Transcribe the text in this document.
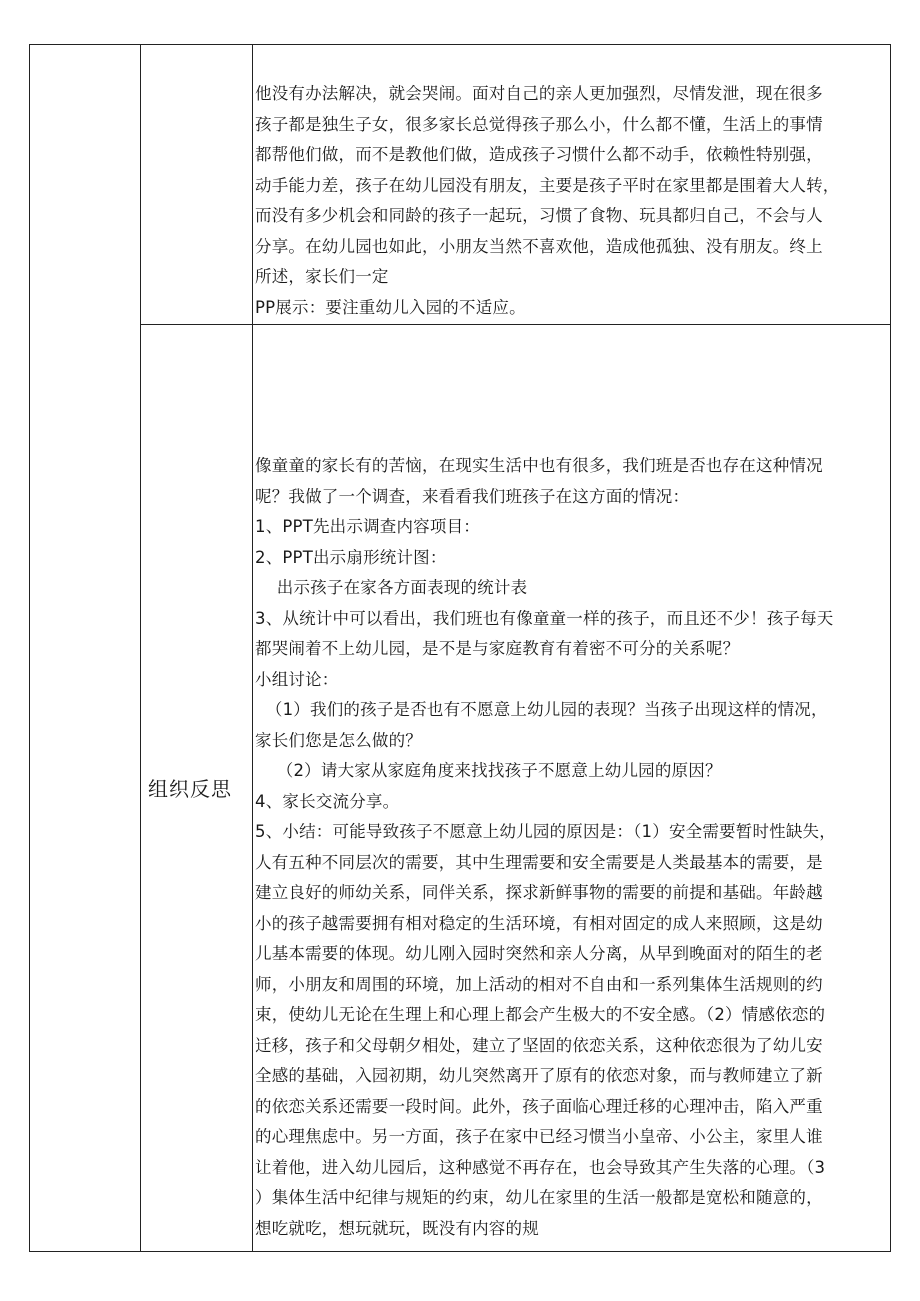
他没有办法解决，就会哭闹。面对自己的亲人更加强烈，尽情发泄，现在很多

孩子都是独生子女，很多家长总觉得孩子那么小，什么都不懂，生活上的事情

都帮他们做，而不是教他们做，造成孩子习惯什么都不动手，依赖性特别强，

动手能力差，孩子在幼儿园没有朋友，主要是孩子平时在家里都是围着大人转，

而没有多少机会和同龄的孩子一起玩，习惯了食物、玩具都归自己，不会与人

分享。在幼儿园也如此，小朋友当然不喜欢他，造成他孤独、没有朋友。终上

所述，家长们一定

PP展示：要注重幼儿入园的不适应。

组织反思

像童童的家长有的苦恼，在现实生活中也有很多，我们班是否也存在这种情况

呢？我做了一个调查，来看看我们班孩子在这方面的情况：

1、PPT先出示调查内容项目：

2、PPT出示扇形统计图：

出示孩子在家各方面表现的统计表

3、从统计中可以看出，我们班也有像童童一样的孩子，而且还不少！孩子每天

都哭闹着不上幼儿园，是不是与家庭教育有着密不可分的关系呢？

小组讨论：

（1）我们的孩子是否也有不愿意上幼儿园的表现？当孩子出现这样的情况，

家长们您是怎么做的？

（2）请大家从家庭角度来找找孩子不愿意上幼儿园的原因？

4、家长交流分享。

5、小结：可能导致孩子不愿意上幼儿园的原因是：（1）安全需要暂时性缺失，

人有五种不同层次的需要，其中生理需要和安全需要是人类最基本的需要，是

建立良好的师幼关系，同伴关系，探求新鲜事物的需要的前提和基础。年龄越

小的孩子越需要拥有相对稳定的生活环境，有相对固定的成人来照顾，这是幼

儿基本需要的体现。幼儿刚入园时突然和亲人分离，从早到晚面对的陌生的老

师，小朋友和周围的环境，加上活动的相对不自由和一系列集体生活规则的约

束，使幼儿无论在生理上和心理上都会产生极大的不安全感。（2）情感依恋的

迁移，孩子和父母朝夕相处，建立了坚固的依恋关系，这种依恋很为了幼儿安

全感的基础，入园初期，幼儿突然离开了原有的依恋对象，而与教师建立了新

的依恋关系还需要一段时间。此外，孩子面临心理迁移的心理冲击，陷入严重

的心理焦虑中。另一方面，孩子在家中已经习惯当小皇帝、小公主，家里人谁

让着他，进入幼儿园后，这种感觉不再存在，也会导致其产生失落的心理。（3

）集体生活中纪律与规矩的约束，幼儿在家里的生活一般都是宽松和随意的，

想吃就吃，想玩就玩，既没有内容的规
